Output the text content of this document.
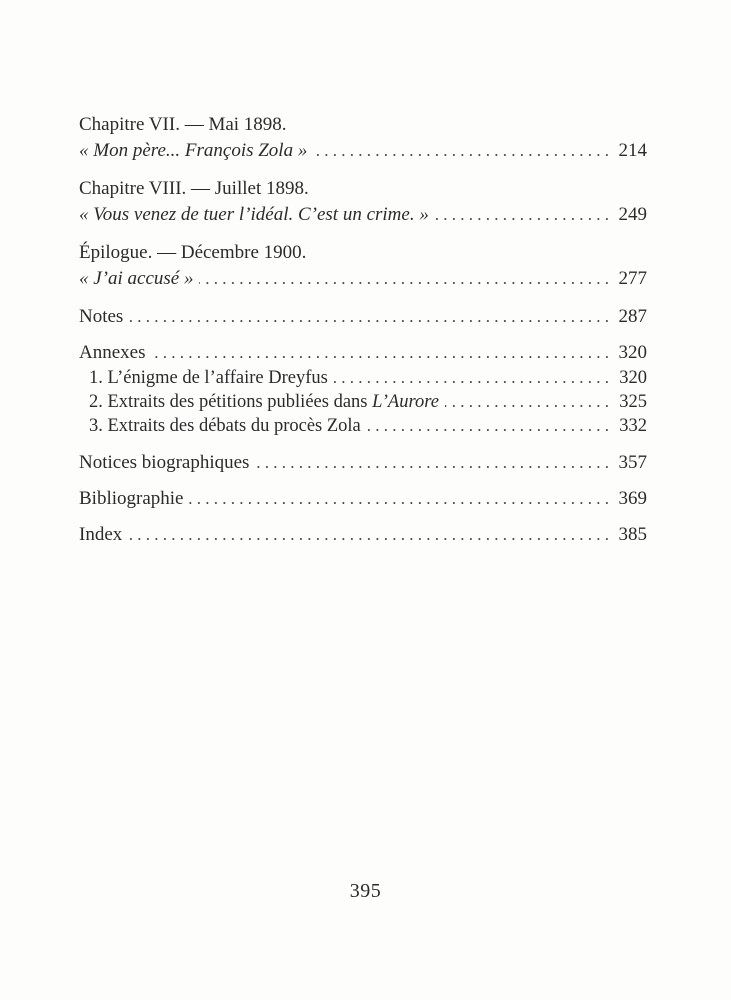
Chapitre VII. — Mai 1898.
« Mon père... François Zola » . . .	214
Chapitre VIII. — Juillet 1898.
« Vous venez de tuer l’idéal. C’est un crime. » . . .	249
Épilogue. — Décembre 1900.
« J’ai accusé » . . .	277
Notes . . .	287
Annexes . . .	320
1. L’énigme de l’affaire Dreyfus . . .	320
2. Extraits des pétitions publiées dans L’Aurore . . .	325
3. Extraits des débats du procès Zola . . .	332
Notices biographiques . . .	357
Bibliographie . . .	369
Index . . .	385
395
